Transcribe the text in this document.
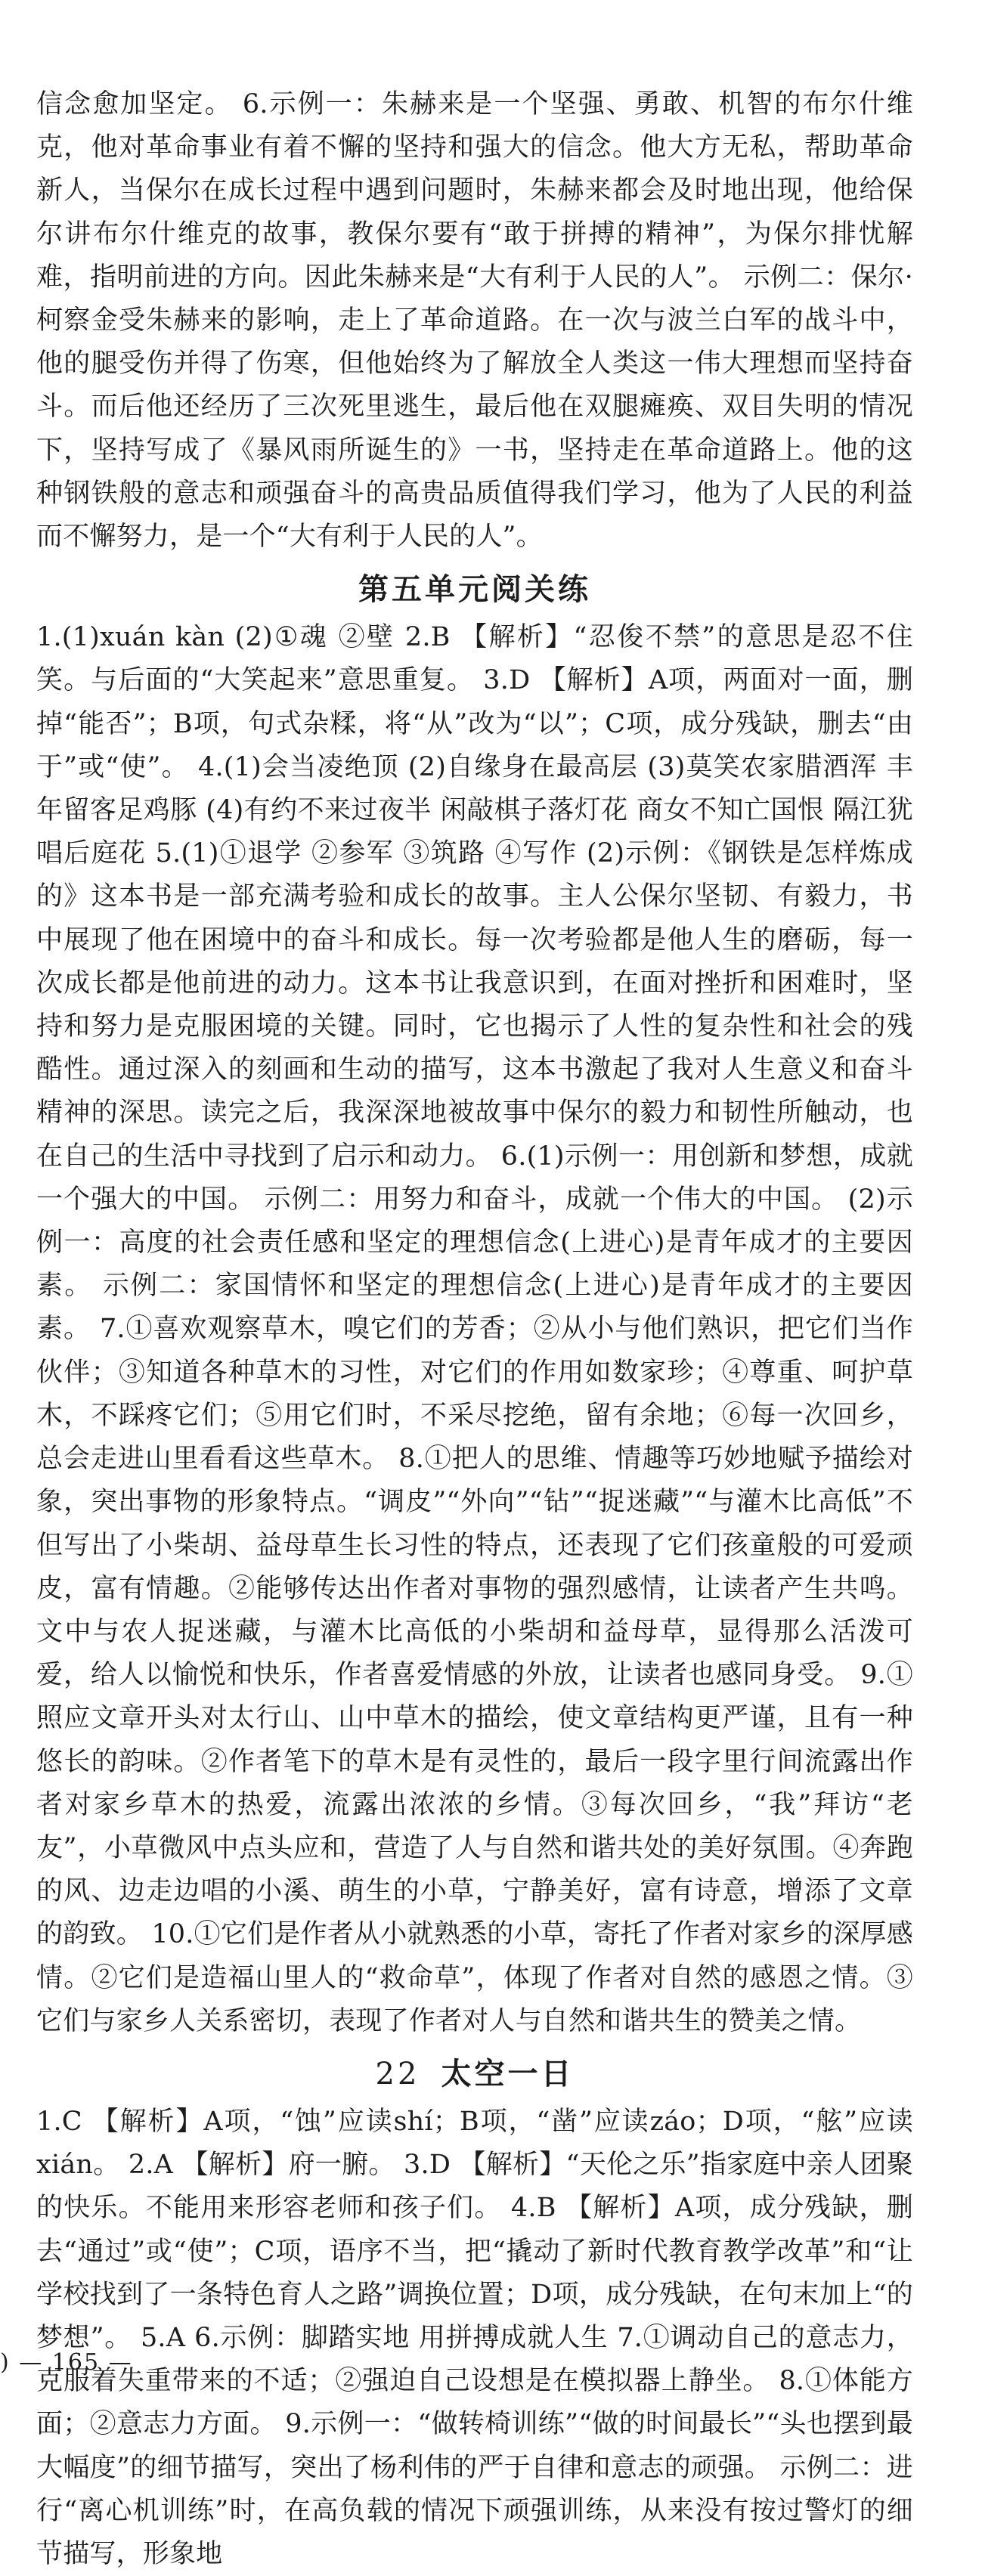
信念愈加坚定。 6.示例一：朱赫来是一个坚强、勇敢、机智的布尔什维克，他对革命事业有着不懈的坚持和强大的信念。他大方无私，帮助革命新人，当保尔在成长过程中遇到问题时，朱赫来都会及时地出现，他给保尔讲布尔什维克的故事，教保尔要有“敢于拼搏的精神”，为保尔排忧解难，指明前进的方向。因此朱赫来是“大有利于人民的人”。 示例二：保尔·柯察金受朱赫来的影响，走上了革命道路。在一次与波兰白军的战斗中，他的腿受伤并得了伤寒，但他始终为了解放全人类这一伟大理想而坚持奋斗。而后他还经历了三次死里逃生，最后他在双腿瘫痪、双目失明的情况下，坚持写成了《暴风雨所诞生的》一书，坚持走在革命道路上。他的这种钢铁般的意志和顽强奋斗的高贵品质值得我们学习，他为了人民的利益而不懈努力，是一个“大有利于人民的人”。

第五单元阅关练

1.(1)xuán kàn (2)①魂 ②壁 2.B 【解析】“忍俊不禁”的意思是忍不住笑。与后面的“大笑起来”意思重复。 3.D 【解析】A项，两面对一面，删掉“能否”；B项，句式杂糅，将“从”改为“以”；C项，成分残缺，删去“由于”或“使”。 4.(1)会当凌绝顶 (2)自缘身在最高层 (3)莫笑农家腊酒浑 丰年留客足鸡豚 (4)有约不来过夜半 闲敲棋子落灯花 商女不知亡国恨 隔江犹唱后庭花 5.(1)①退学 ②参军 ③筑路 ④写作 (2)示例：《钢铁是怎样炼成的》这本书是一部充满考验和成长的故事。主人公保尔坚韧、有毅力，书中展现了他在困境中的奋斗和成长。每一次考验都是他人生的磨砺，每一次成长都是他前进的动力。这本书让我意识到，在面对挫折和困难时，坚持和努力是克服困境的关键。同时，它也揭示了人性的复杂性和社会的残酷性。通过深入的刻画和生动的描写，这本书激起了我对人生意义和奋斗精神的深思。读完之后，我深深地被故事中保尔的毅力和韧性所触动，也在自己的生活中寻找到了启示和动力。 6.(1)示例一：用创新和梦想，成就一个强大的中国。 示例二：用努力和奋斗，成就一个伟大的中国。 (2)示例一：高度的社会责任感和坚定的理想信念(上进心)是青年成才的主要因素。 示例二：家国情怀和坚定的理想信念(上进心)是青年成才的主要因素。 7.①喜欢观察草木，嗅它们的芳香；②从小与他们熟识，把它们当作伙伴；③知道各种草木的习性，对它们的作用如数家珍；④尊重、呵护草木，不踩疼它们；⑤用它们时，不采尽挖绝，留有余地；⑥每一次回乡，总会走进山里看看这些草木。 8.①把人的思维、情趣等巧妙地赋予描绘对象，突出事物的形象特点。“调皮”“外向”“钻”“捉迷藏”“与灌木比高低”不但写出了小柴胡、益母草生长习性的特点，还表现了它们孩童般的可爱顽皮，富有情趣。②能够传达出作者对事物的强烈感情，让读者产生共鸣。文中与农人捉迷藏，与灌木比高低的小柴胡和益母草，显得那么活泼可爱，给人以愉悦和快乐，作者喜爱情感的外放，让读者也感同身受。 9.①照应文章开头对太行山、山中草木的描绘，使文章结构更严谨，且有一种悠长的韵味。②作者笔下的草木是有灵性的，最后一段字里行间流露出作者对家乡草木的热爱，流露出浓浓的乡情。③每次回乡，“我”拜访“老友”，小草微风中点头应和，营造了人与自然和谐共处的美好氛围。④奔跑的风、边走边唱的小溪、萌生的小草，宁静美好，富有诗意，增添了文章的韵致。 10.①它们是作者从小就熟悉的小草，寄托了作者对家乡的深厚感情。②它们是造福山里人的“救命草”，体现了作者对自然的感恩之情。③它们与家乡人关系密切，表现了作者对人与自然和谐共生的赞美之情。

22 太空一日

1.C 【解析】A项，“蚀”应读shí；B项，“凿”应读záo；D项，“舷”应读xián。 2.A 【解析】府一腑。 3.D 【解析】“天伦之乐”指家庭中亲人团聚的快乐。不能用来形容老师和孩子们。 4.B 【解析】A项，成分残缺，删去“通过”或“使”；C项，语序不当，把“撬动了新时代教育教学改革”和“让学校找到了一条特色育人之路”调换位置；D项，成分残缺，在句末加上“的梦想”。 5.A 6.示例：脚踏实地 用拼搏成就人生 7.①调动自己的意志力，克服着失重带来的不适；②强迫自己设想是在模拟器上静坐。 8.①体能方面；②意志力方面。 9.示例一：“做转椅训练”“做的时间最长”“头也摆到最大幅度”的细节描写，突出了杨利伟的严于自律和意志的顽强。 示例二：进行“离心机训练”时，在高负载的情况下顽强训练，从来没有按过警灯的细节描写，形象地

) — 165 —
